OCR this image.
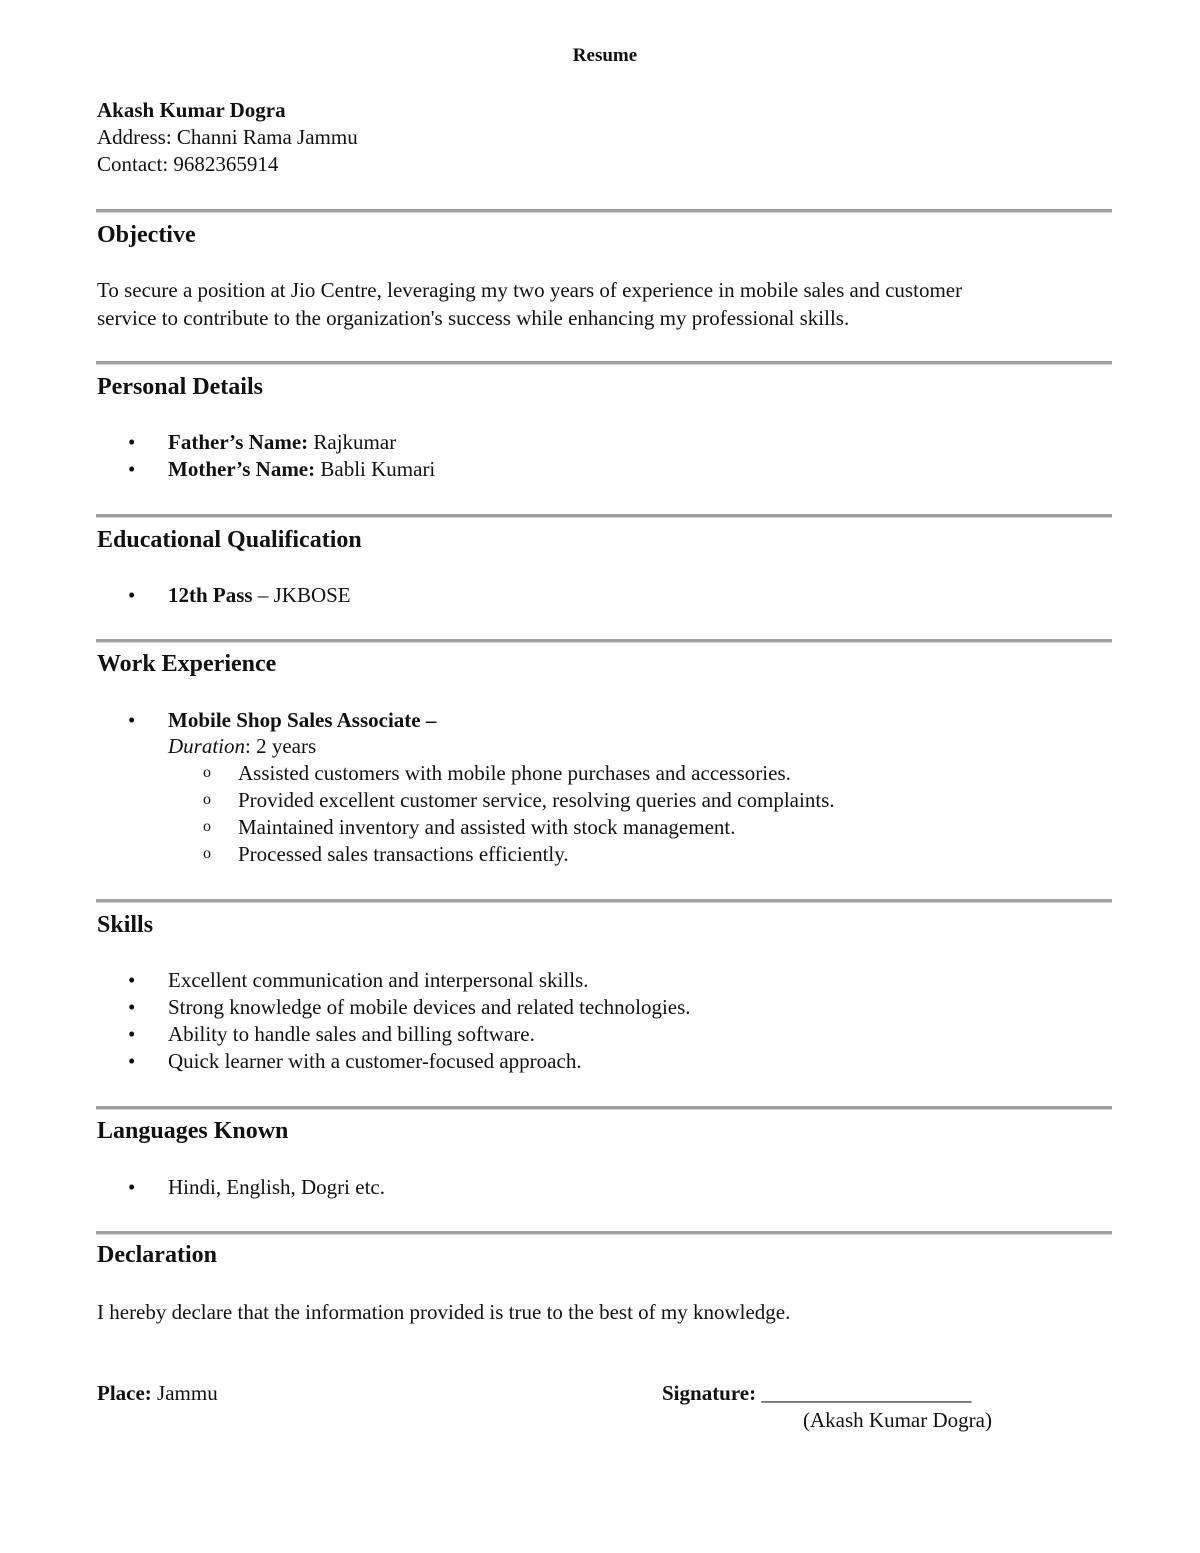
Resume
Akash Kumar Dogra
Address: Channi Rama Jammu
Contact: 9682365914
Objective
To secure a position at Jio Centre, leveraging my two years of experience in mobile sales and customer
service to contribute to the organization's success while enhancing my professional skills.
Personal Details
• Father’s Name: Rajkumar
• Mother’s Name: Babli Kumari
Educational Qualification
• 12th Pass – JKBOSE
Work Experience
• Mobile Shop Sales Associate –
Duration: 2 years
o Assisted customers with mobile phone purchases and accessories.
o Provided excellent customer service, resolving queries and complaints.
o Maintained inventory and assisted with stock management.
o Processed sales transactions efficiently.
Skills
• Excellent communication and interpersonal skills.
• Strong knowledge of mobile devices and related technologies.
• Ability to handle sales and billing software.
• Quick learner with a customer-focused approach.
Languages Known
• Hindi, English, Dogri etc.
Declaration
I hereby declare that the information provided is true to the best of my knowledge.
Place: Jammu	Signature: ____________________
(Akash Kumar Dogra)
